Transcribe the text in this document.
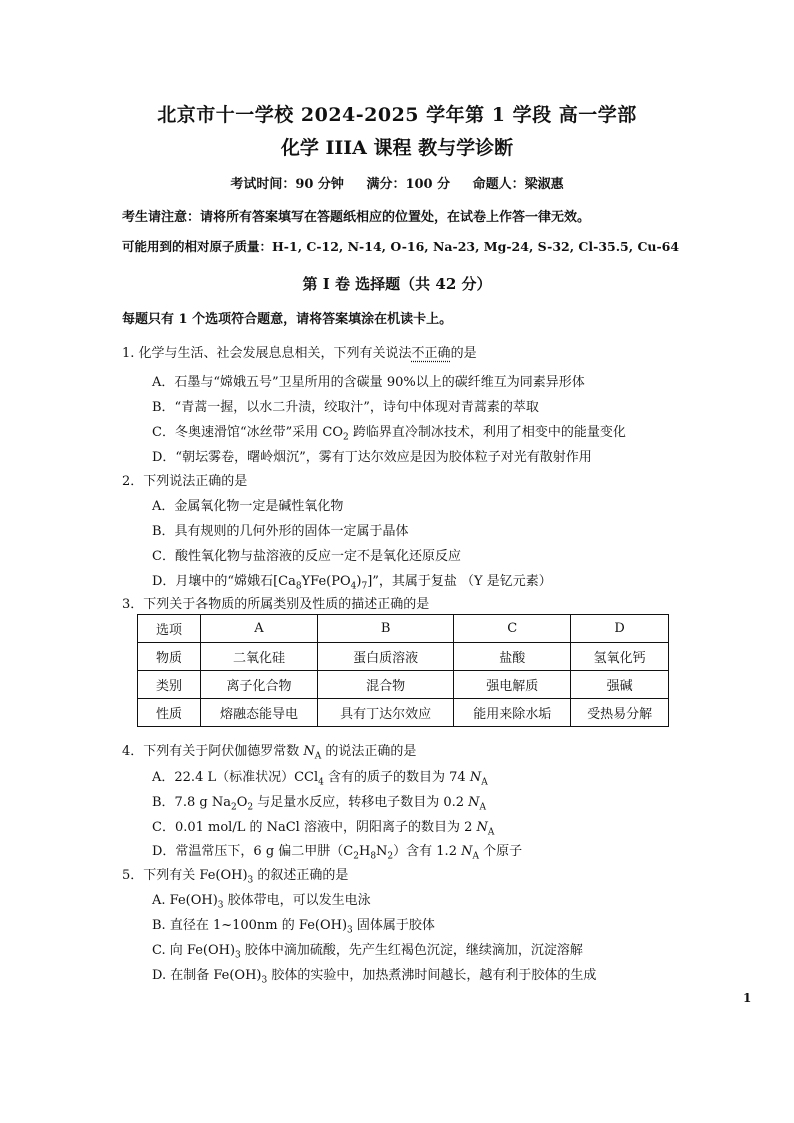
北京市十一学校 2024-2025 学年第 1 学段 高一学部
化学 IIIA 课程 教与学诊断
考试时间：90 分钟 满分：100 分 命题人：梁淑惠
考生请注意：请将所有答案填写在答题纸相应的位置处，在试卷上作答一律无效。
可能用到的相对原子质量：H-1, C-12, N-14, O-16, Na-23, Mg-24, S-32, Cl-35.5, Cu-64
第 I 卷 选择题（共 42 分）
每题只有 1 个选项符合题意，请将答案填涂在机读卡上。
1. 化学与生活、社会发展息息相关，下列有关说法不正确的是
A．石墨与“嫦娥五号”卫星所用的含碳量 90%以上的碳纤维互为同素异形体
B．“青蒿一握，以水二升渍，绞取汁”，诗句中体现对青蒿素的萃取
C．冬奥速滑馆“冰丝带”采用 $CO_2$ 跨临界直冷制冰技术，利用了相变中的能量变化
D．“朝坛雾卷，曙岭烟沉”，雾有丁达尔效应是因为胶体粒子对光有散射作用
2．下列说法正确的是
A．金属氧化物一定是碱性氧化物
B．具有规则的几何外形的固体一定属于晶体
C．酸性氧化物与盐溶液的反应一定不是氧化还原反应
D．月壤中的“嫦娥石$[Ca_8YFe(PO_4)_7]$”，其属于复盐 （Y 是钇元素）
3．下列关于各物质的所属类别及性质的描述正确的是
选项	A	B	C	D
物质	二氧化硅	蛋白质溶液	盐酸	氢氧化钙
类别	离子化合物	混合物	强电解质	强碱
性质	熔融态能导电	具有丁达尔效应	能用来除水垢	受热易分解
4．下列有关于阿伏伽德罗常数 $N_A$ 的说法正确的是
A．22.4 L（标准状况）CCl$_4$ 含有的质子的数目为 74 $N_A$
B．7.8 g $Na_2O_2$ 与足量水反应，转移电子数目为 0.2 $N_A$
C．0.01 mol/L 的 NaCl 溶液中，阴阳离子的数目为 2 $N_A$
D．常温常压下，6 g 偏二甲肼$(C_2H_8N_2)$含有 1.2 $N_A$ 个原子
5．下列有关 $Fe(OH)_3$ 的叙述正确的是
A. $Fe(OH)_3$ 胶体带电，可以发生电泳
B. 直径在 1~100nm 的 $Fe(OH)_3$ 固体属于胶体
C. 向 $Fe(OH)_3$ 胶体中滴加硫酸，先产生红褐色沉淀，继续滴加，沉淀溶解
D. 在制备 $Fe(OH)_3$ 胶体的实验中，加热煮沸时间越长，越有利于胶体的生成
1
